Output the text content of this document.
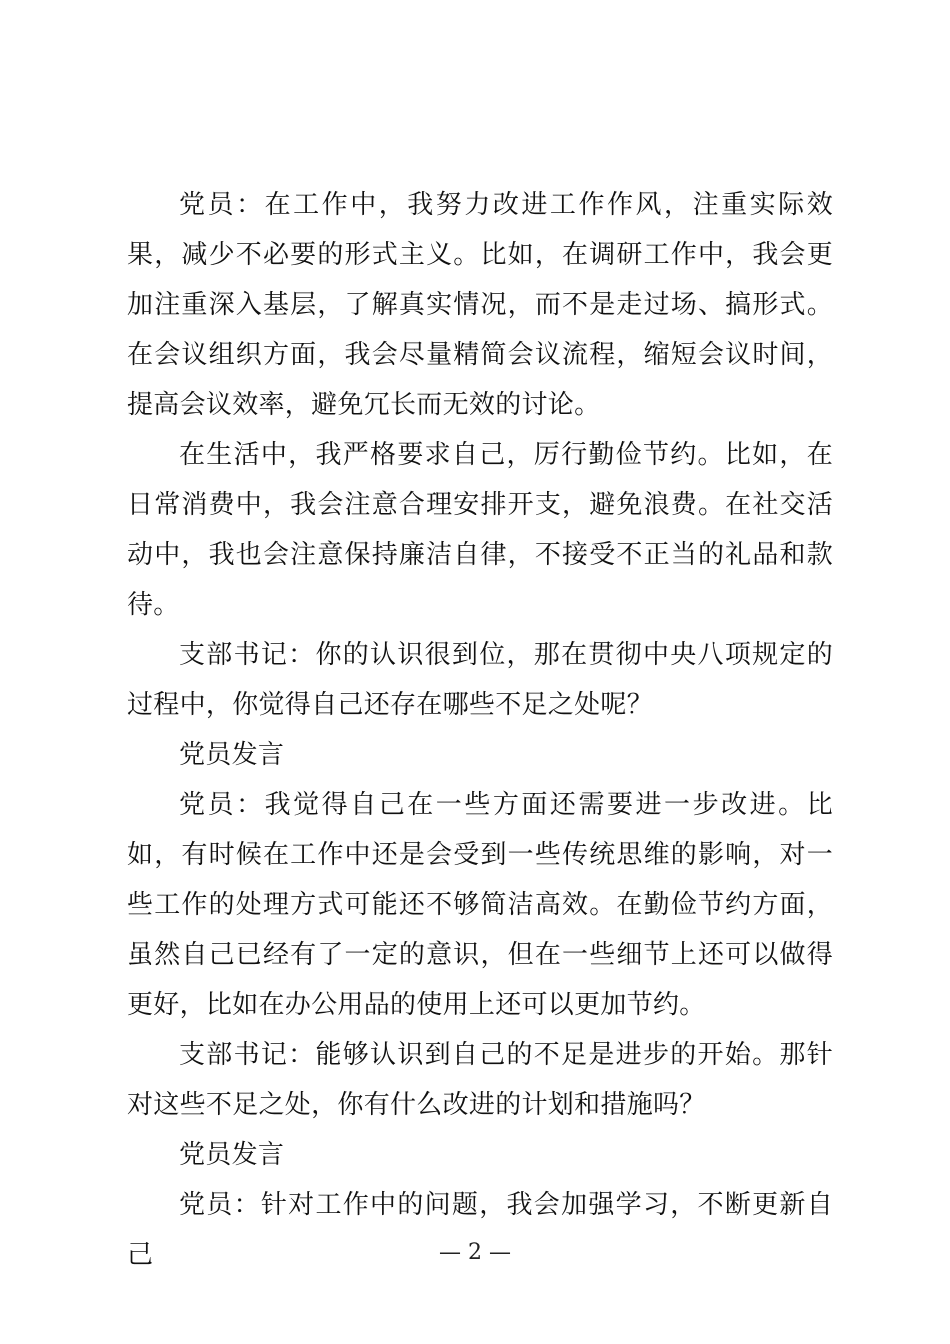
党员：在工作中，我努力改进工作作风，注重实际效果，减少不必要的形式主义。比如，在调研工作中，我会更加注重深入基层，了解真实情况，而不是走过场、搞形式。在会议组织方面，我会尽量精简会议流程，缩短会议时间，提高会议效率，避免冗长而无效的讨论。

在生活中，我严格要求自己，厉行勤俭节约。比如，在日常消费中，我会注意合理安排开支，避免浪费。在社交活动中，我也会注意保持廉洁自律，不接受不正当的礼品和款待。

支部书记：你的认识很到位，那在贯彻中央八项规定的过程中，你觉得自己还存在哪些不足之处呢？

党员发言

党员：我觉得自己在一些方面还需要进一步改进。比如，有时候在工作中还是会受到一些传统思维的影响，对一些工作的处理方式可能还不够简洁高效。在勤俭节约方面，虽然自己已经有了一定的意识，但在一些细节上还可以做得更好，比如在办公用品的使用上还可以更加节约。

支部书记：能够认识到自己的不足是进步的开始。那针对这些不足之处，你有什么改进的计划和措施吗？

党员发言

党员：针对工作中的问题，我会加强学习，不断更新自己	— 2 —
